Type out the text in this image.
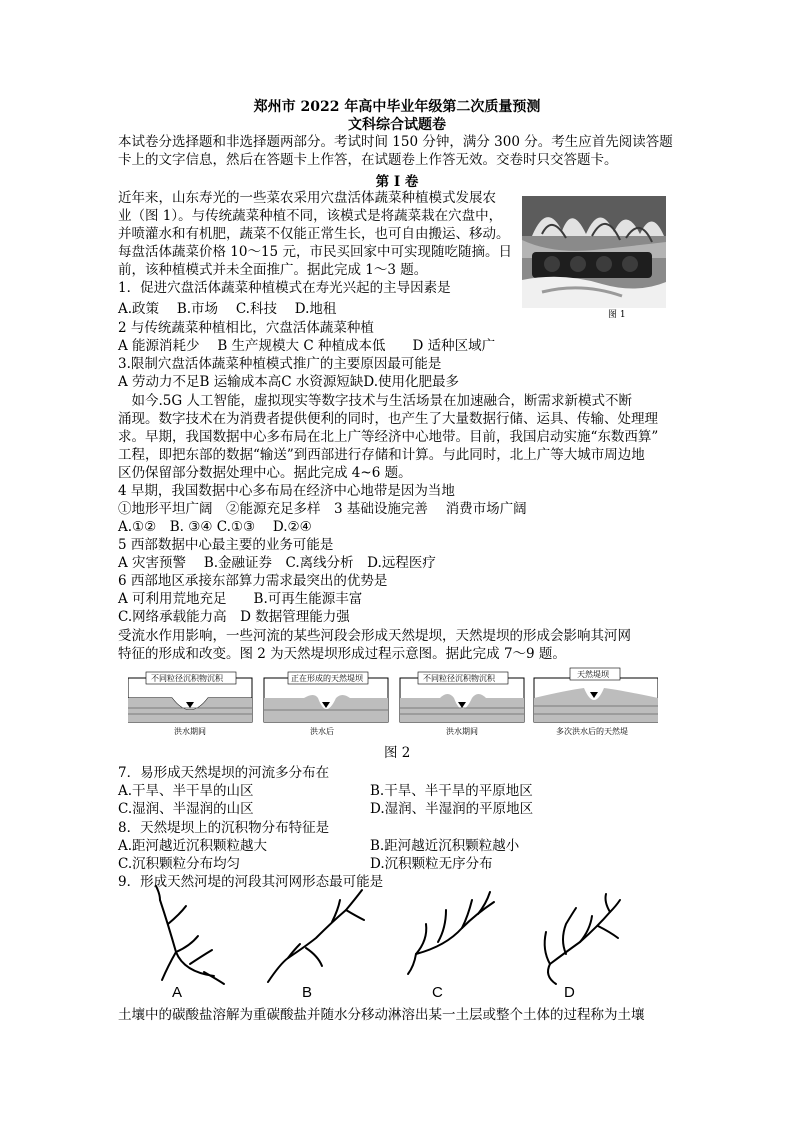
郑州市 2022 年高中毕业年级第二次质量预测
文科综合试题卷
本试卷分选择题和非选择题两部分。考试时间 150 分钟，满分 300 分。考生应首先阅读答题
卡上的文字信息，然后在答题卡上作答，在试题卷上作答无效。交卷时只交答题卡。
第 I 卷
近年来，山东寿光的一些菜农采用穴盘活体蔬菜种植模式发展农
业（图 1）。与传统蔬菜种植不同，该模式是将蔬菜栽在穴盘中，
并喷灌水和有机肥，蔬菜不仅能正常生长，也可自由搬运、移动。
每盘活体蔬菜价格 10～15 元，市民买回家中可实现随吃随摘。日
前，该种植模式并未全面推广。据此完成 1～3 题。
图 1
1．促进穴盘活体蔬菜种植模式在寿光兴起的主导因素是
A.政策　 B.市场　 C.科技　 D.地租
2 与传统蔬菜种植相比，穴盘活体蔬菜种植
A 能源消耗少　 B 生产规模大 C 种植成本低　　D 适种区域广
3.限制穴盘活体蔬菜种植模式推广的主要原因最可能是
A 劳动力不足B 运输成本高C 水资源短缺D.使用化肥最多
　如今.5G 人工智能，虚拟现实等数字技术与生活场景在加速融合，断需求新模式不断
涌现。数字技术在为消费者提供便利的同时，也产生了大量数据行储、运具、传输、处理理
求。早期，我国数据中心多布局在北上广等经济中心地带。目前，我国启动实施“东数西算”
工程，即把东部的数据“输送”到西部进行存储和计算。与此同时，北上广等大城市周边地
区仍保留部分数据处理中心。据此完成 4~6 题。
4 早期，我国数据中心多布局在经济中心地带是因为当地
①地形平坦广阔　②能源充足多样　3 基础设施完善　 消费市场广阔
A.①②　B. ③④ C.①③　 D.②④
5 西部数据中心最主要的业务可能是
A 灾害预警　 B.金融证券　C.离线分析　D.远程医疗
6 西部地区承接东部算力需求最突出的优势是
A 可利用荒地充足　　B.可再生能源丰富
C.网络承载能力高　D 数据管理能力强
受流水作用影响，一些河流的某些河段会形成天然堤坝，天然堤坝的形成会影响其河网
特征的形成和改变。图 2 为天然堤坝形成过程示意图。据此完成 7～9 题。
不同粒径沉积物沉积	正在形成的天然堤坝	不同粒径沉积物沉积	天然堤坝
洪水期间	洪水后	洪水期间	多次洪水后的天然堤
图 2
7．易形成天然堤坝的河流多分布在
A.干旱、半干旱的山区	B.干旱、半干旱的平原地区
C.湿润、半湿润的山区	D.湿润、半湿润的平原地区
8．天然堤坝上的沉积物分布特征是
A.距河越近沉积颗粒越大	B.距河越近沉积颗粒越小
C.沉积颗粒分布均匀	D.沉积颗粒无序分布
9．形成天然河堤的河段其河网形态最可能是
A	B	C	D
土壤中的碳酸盐溶解为重碳酸盐并随水分移动淋溶出某一土层或整个土体的过程称为土壤
